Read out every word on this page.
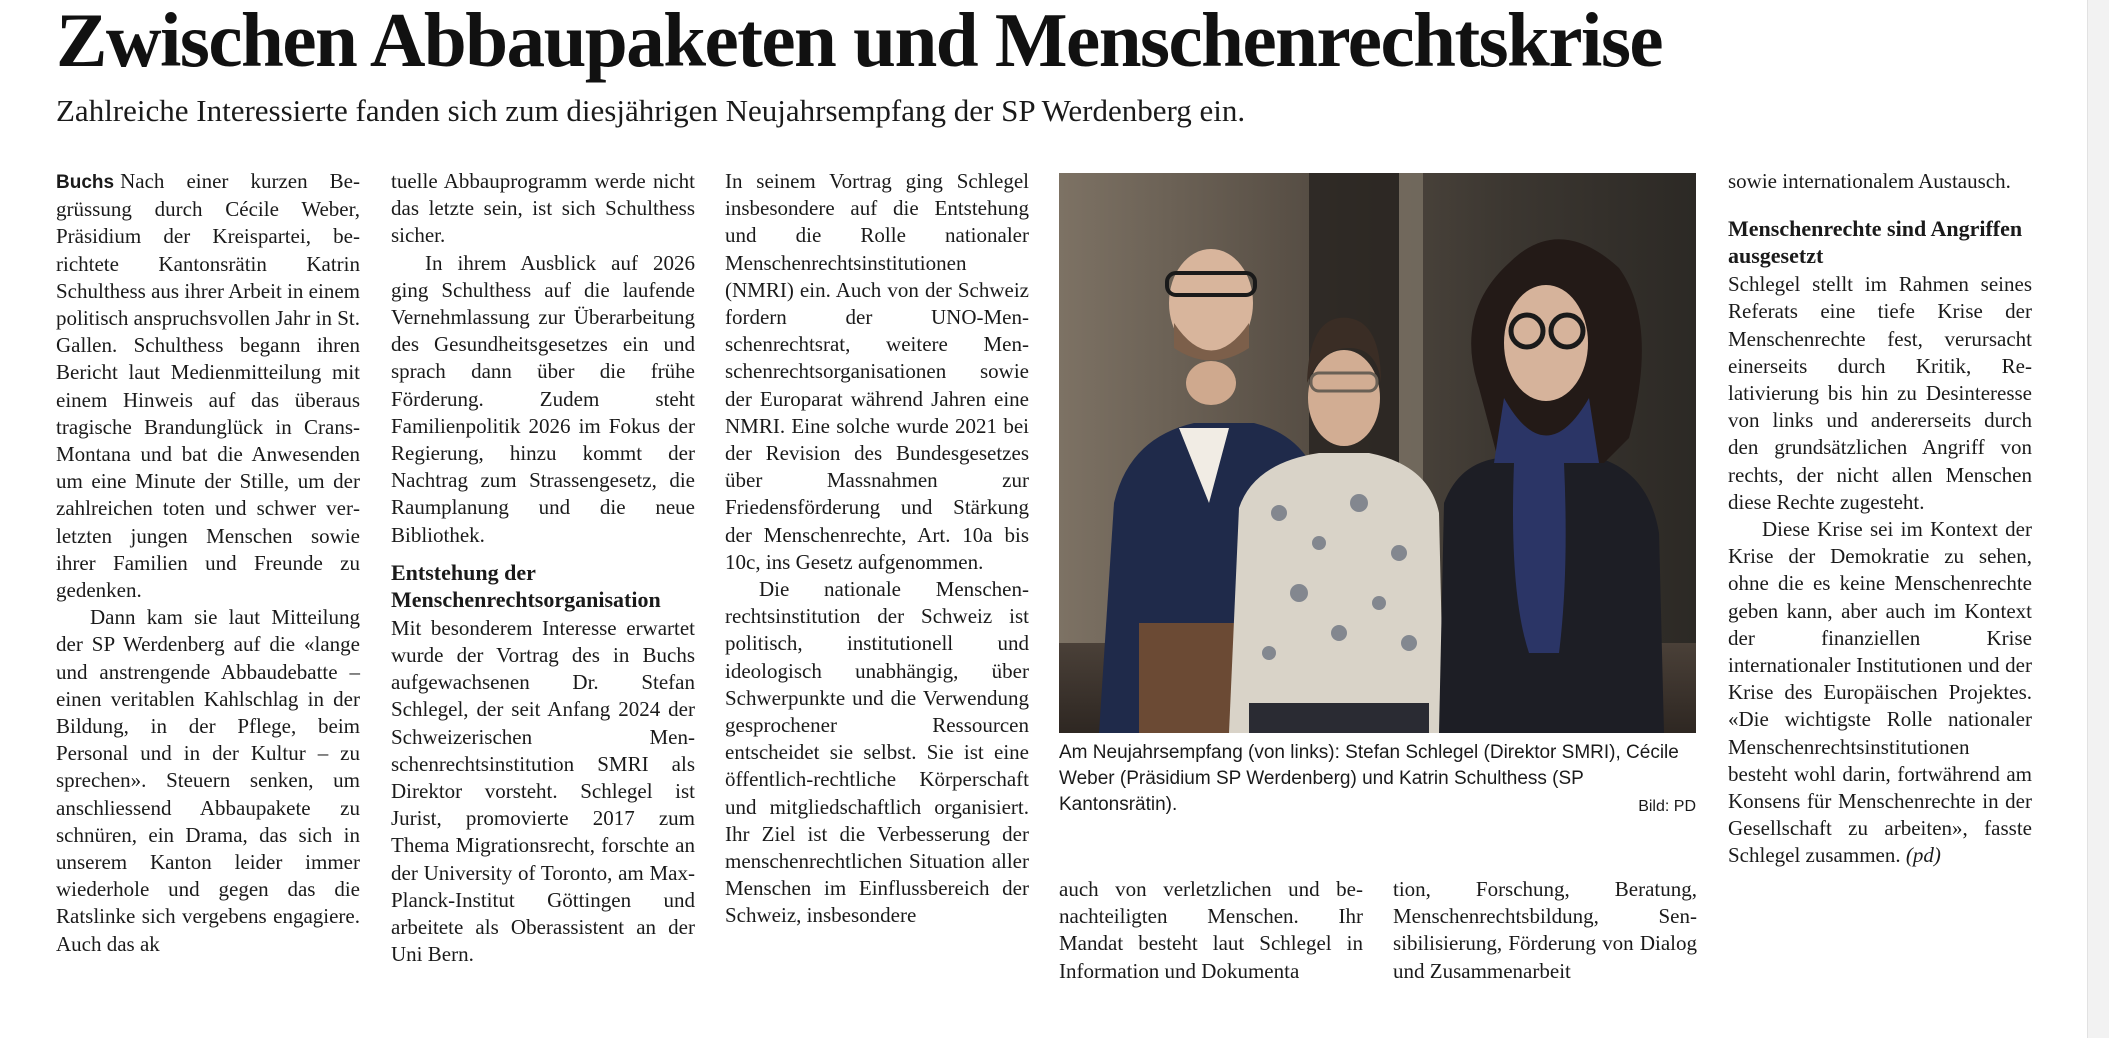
Zwischen Abbaupaketen und Menschenrechtskrise
Zahlreiche Interessierte fanden sich zum diesjährigen Neujahrsempfang der SP Werdenberg ein.

Buchs Nach einer kurzen Begrüssung durch Cécile Weber, Präsidium der Kreispartei, berichtete Kantonsrätin Katrin Schulthess aus ihrer Arbeit in einem politisch anspruchsvollen Jahr in St. Gallen. Schulthess begann ihren Bericht laut Medienmitteilung mit einem Hinweis auf das überaus tragische Brandunglück in Crans-Montana und bat die Anwesenden um eine Minute der Stille, um der zahlreichen toten und schwer verletzten jungen Menschen sowie ihrer Familien und Freunde zu gedenken.

Dann kam sie laut Mitteilung der SP Werdenberg auf die «lange und anstrengende Abbaudebatte – einen veritablen Kahlschlag in der Bildung, in der Pflege, beim Personal und in der Kultur – zu sprechen». Steuern senken, um anschliessend Abbaupakete zu schnüren, ein Drama, das sich in unserem Kanton leider immer wiederhole und gegen das die Ratslinke sich vergebens engagiere. Auch das ak

tuelle Abbauprogramm werde nicht das letzte sein, ist sich Schulthess sicher.

In ihrem Ausblick auf 2026 ging Schulthess auf die laufende Vernehmlassung zur Überarbeitung des Gesundheitsgesetzes ein und sprach dann über die frühe Förderung. Zudem steht Familienpolitik 2026 im Fokus der Regierung, hinzu kommt der Nachtrag zum Strassengesetz, die Raumplanung und die neue Bibliothek.

Entstehung der Menschenrechtsorganisation

Mit besonderem Interesse erwartet wurde der Vortrag des in Buchs aufgewachsenen Dr. Stefan Schlegel, der seit Anfang 2024 der Schweizerischen Menschenrechtsinstitution SMRI als Direktor vorsteht. Schlegel ist Jurist, promovierte 2017 zum Thema Migrationsrecht, forschte an der University of Toronto, am Max-Planck-Institut Göttingen und arbeitete als Oberassistent an der Uni Bern.

In seinem Vortrag ging Schlegel insbesondere auf die Entstehung und die Rolle nationaler Menschenrechtsinstitutionen (NMRI) ein. Auch von der Schweiz fordern der UNO-Menschenrechtsrat, weitere Menschenrechtsorganisationen sowie der Europarat während Jahren eine NMRI. Eine solche wurde 2021 bei der Revision des Bundesgesetzes über Massnahmen zur Friedensförderung und Stärkung der Menschenrechte, Art. 10a bis 10c, ins Gesetz aufgenommen.

Die nationale Menschenrechtsinstitution der Schweiz ist politisch, institutionell und ideologisch unabhängig, über Schwerpunkte und die Verwendung gesprochener Ressourcen entscheidet sie selbst. Sie ist eine öffentlich-rechtliche Körperschaft und mitgliedschaftlich organisiert. Ihr Ziel ist die Verbesserung der menschenrechtlichen Situation aller Menschen im Einflussbereich der Schweiz, insbesondere

Am Neujahrsempfang (von links): Stefan Schlegel (Direktor SMRI), Cécile Weber (Präsidium SP Werdenberg) und Katrin Schulthess (SP Kantonsrätin).	Bild: PD

auch von verletzlichen und benachteiligten Menschen. Ihr Mandat besteht laut Schlegel in Information und Dokumenta

tion, Forschung, Beratung, Menschenrechtsbildung, Sensibilisierung, Förderung von Dialog und Zusammenarbeit

sowie internationalem Austausch.

Menschenrechte sind Angriffen ausgesetzt

Schlegel stellt im Rahmen seines Referats eine tiefe Krise der Menschenrechte fest, verursacht einerseits durch Kritik, Relativierung bis hin zu Desinteresse von links und andererseits durch den grundsätzlichen Angriff von rechts, der nicht allen Menschen diese Rechte zugesteht.

Diese Krise sei im Kontext der Krise der Demokratie zu sehen, ohne die es keine Menschenrechte geben kann, aber auch im Kontext der finanziellen Krise internationaler Institutionen und der Krise des Europäischen Projektes. «Die wichtigste Rolle nationaler Menschenrechtsinstitutionen besteht wohl darin, fortwährend am Konsens für Menschenrechte in der Gesellschaft zu arbeiten», fasste Schlegel zusammen. (pd)
